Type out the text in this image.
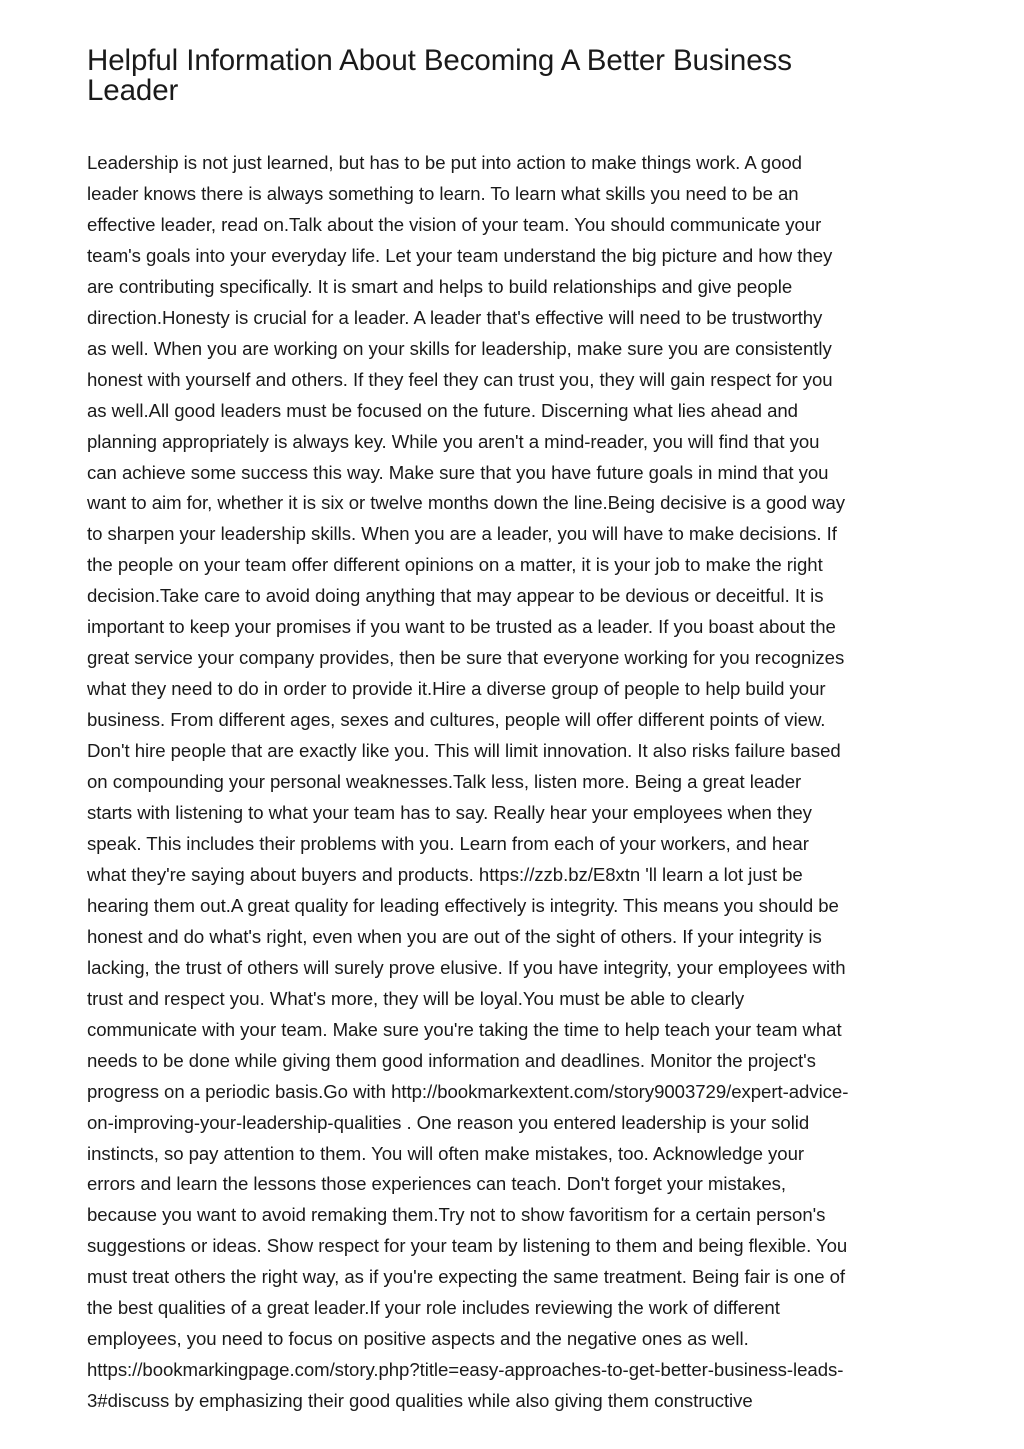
Helpful Information About Becoming A Better Business
Leader
Leadership is not just learned, but has to be put into action to make things work. A good
leader knows there is always something to learn. To learn what skills you need to be an
effective leader, read on.Talk about the vision of your team. You should communicate your
team's goals into your everyday life. Let your team understand the big picture and how they
are contributing specifically. It is smart and helps to build relationships and give people
direction.Honesty is crucial for a leader. A leader that's effective will need to be trustworthy
as well. When you are working on your skills for leadership, make sure you are consistently
honest with yourself and others. If they feel they can trust you, they will gain respect for you
as well.All good leaders must be focused on the future. Discerning what lies ahead and
planning appropriately is always key. While you aren't a mind-reader, you will find that you
can achieve some success this way. Make sure that you have future goals in mind that you
want to aim for, whether it is six or twelve months down the line.Being decisive is a good way
to sharpen your leadership skills. When you are a leader, you will have to make decisions. If
the people on your team offer different opinions on a matter, it is your job to make the right
decision.Take care to avoid doing anything that may appear to be devious or deceitful. It is
important to keep your promises if you want to be trusted as a leader. If you boast about the
great service your company provides, then be sure that everyone working for you recognizes
what they need to do in order to provide it.Hire a diverse group of people to help build your
business. From different ages, sexes and cultures, people will offer different points of view.
Don't hire people that are exactly like you. This will limit innovation. It also risks failure based
on compounding your personal weaknesses.Talk less, listen more. Being a great leader
starts with listening to what your team has to say. Really hear your employees when they
speak. This includes their problems with you. Learn from each of your workers, and hear
what they're saying about buyers and products. https://zzb.bz/E8xtn 'll learn a lot just be
hearing them out.A great quality for leading effectively is integrity. This means you should be
honest and do what's right, even when you are out of the sight of others. If your integrity is
lacking, the trust of others will surely prove elusive. If you have integrity, your employees with
trust and respect you. What's more, they will be loyal.You must be able to clearly
communicate with your team. Make sure you're taking the time to help teach your team what
needs to be done while giving them good information and deadlines. Monitor the project's
progress on a periodic basis.Go with http://bookmarkextent.com/story9003729/expert-advice-
on-improving-your-leadership-qualities . One reason you entered leadership is your solid
instincts, so pay attention to them. You will often make mistakes, too. Acknowledge your
errors and learn the lessons those experiences can teach. Don't forget your mistakes,
because you want to avoid remaking them.Try not to show favoritism for a certain person's
suggestions or ideas. Show respect for your team by listening to them and being flexible. You
must treat others the right way, as if you're expecting the same treatment. Being fair is one of
the best qualities of a great leader.If your role includes reviewing the work of different
employees, you need to focus on positive aspects and the negative ones as well.
https://bookmarkingpage.com/story.php?title=easy-approaches-to-get-better-business-leads-
3#discuss by emphasizing their good qualities while also giving them constructive
